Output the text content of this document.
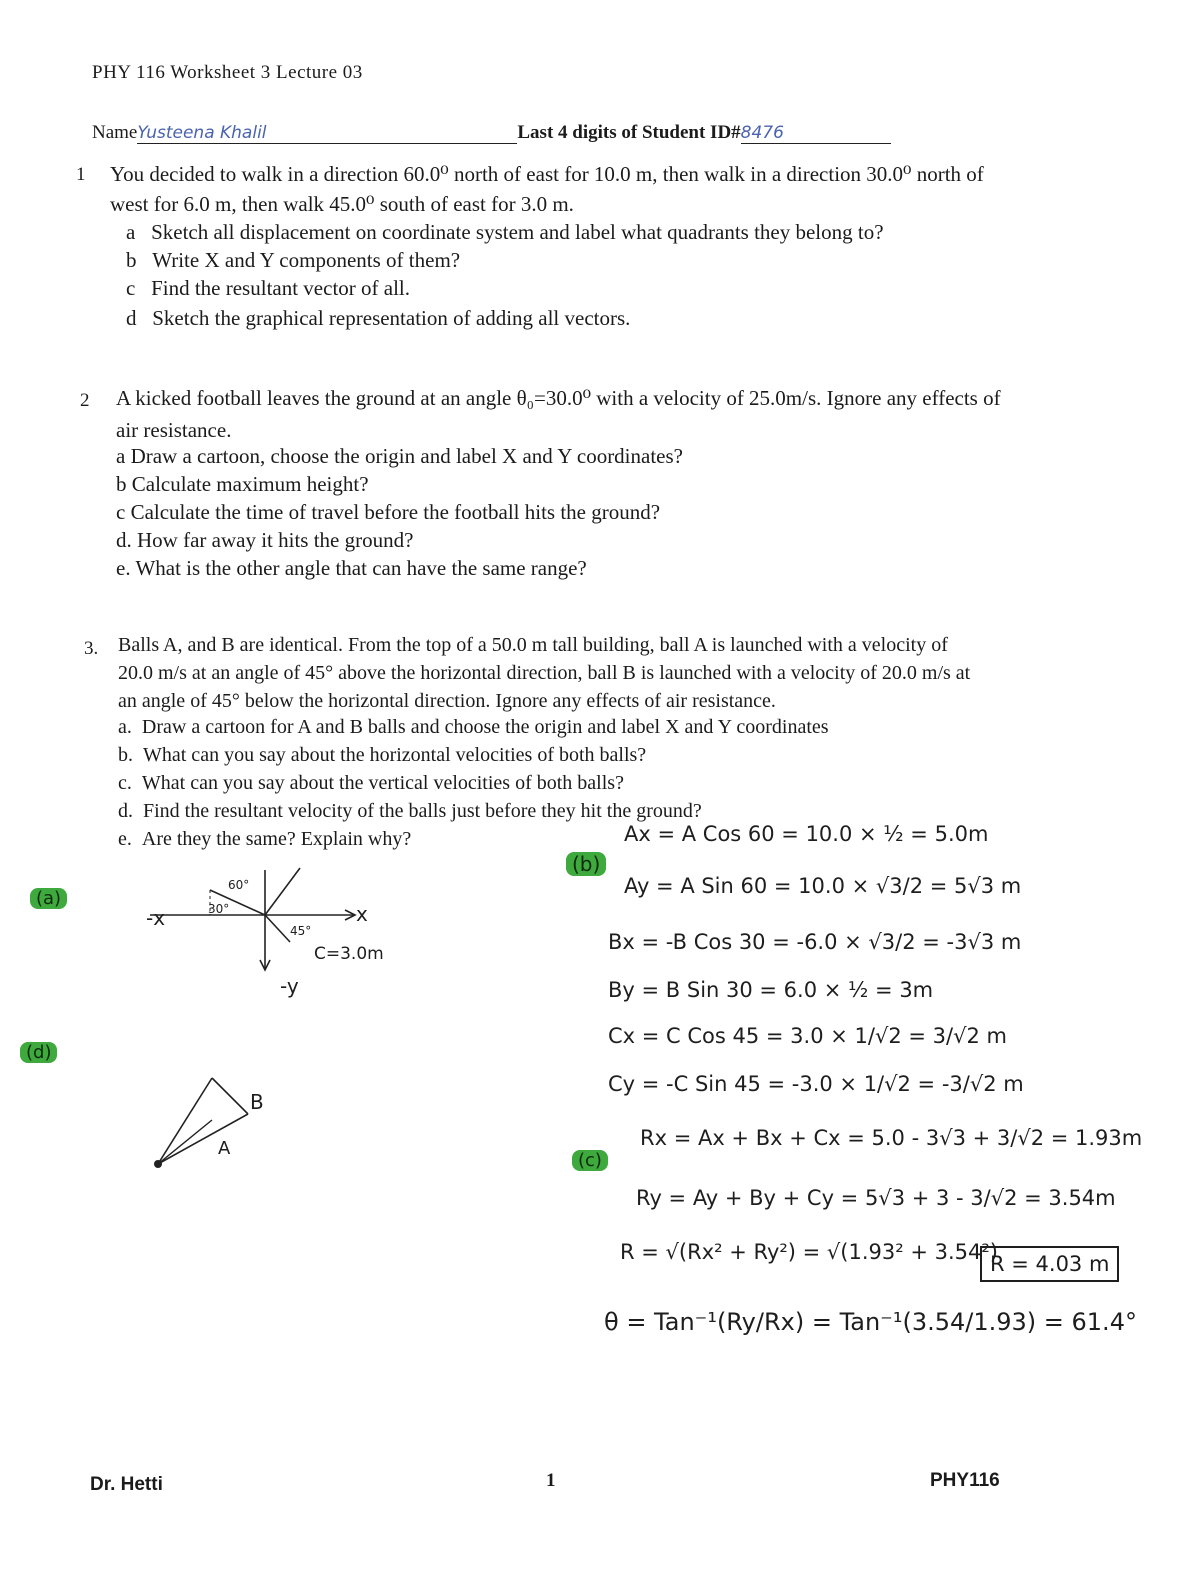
PHY 116 Worksheet 3 Lecture 03
NameYusteena Khalil	Last 4 digits of Student ID#8476
1 You decided to walk in a direction 60.0⁰ north of east for 10.0 m, then walk in a direction 30.0⁰ north of
west for 6.0 m, then walk 45.0⁰ south of east for 3.0 m.
a Sketch all displacement on coordinate system and label what quadrants they belong to?
b Write X and Y components of them?
c Find the resultant vector of all.
d Sketch the graphical representation of adding all vectors.
2 A kicked football leaves the ground at an angle θ₀=30.0⁰ with a velocity of 25.0m/s. Ignore any effects of
air resistance.
a Draw a cartoon, choose the origin and label X and Y coordinates?
b Calculate maximum height?
c Calculate the time of travel before the football hits the ground?
d. How far away it hits the ground?
e. What is the other angle that can have the same range?
3. Balls A, and B are identical. From the top of a 50.0 m tall building, ball A is launched with a velocity of
20.0 m/s at an angle of 45° above the horizontal direction, ball B is launched with a velocity of 20.0 m/s at
an angle of 45° below the horizontal direction. Ignore any effects of air resistance.
a. Draw a cartoon for A and B balls and choose the origin and label X and Y coordinates
b. What can you say about the horizontal velocities of both balls?
c. What can you say about the vertical velocities of both balls?
d. Find the resultant velocity of the balls just before they hit the ground?
e. Are they the same? Explain why?
(a)
-x	x
-y
C=3.0m
60°
30°
45°
(d)
B
A
(b)
Ax = A Cos 60 = 10.0 × ½ = 5.0m
Ay = A Sin 60 = 10.0 × √3/2 = 5√3 m
Bx = -B Cos 30 = -6.0 × √3/2 = -3√3 m
By = B Sin 30 = 6.0 × ½ = 3m
Cx = C Cos 45 = 3.0 × 1/√2 = 3/√2 m
Cy = -C Sin 45 = -3.0 × 1/√2 = -3/√2 m
(c)
Rx = Ax + Bx + Cx = 5.0 - 3√3 + 3/√2 = 1.93m
Ry = Ay + By + Cy = 5√3 + 3 - 3/√2 = 3.54m
R = √(Rx² + Ry²) = √(1.93² + 3.54²)
R = 4.03 m
θ = Tan⁻¹(Ry/Rx) = Tan⁻¹(3.54/1.93) = 61.4°
Dr. Hetti	1	PHY116
